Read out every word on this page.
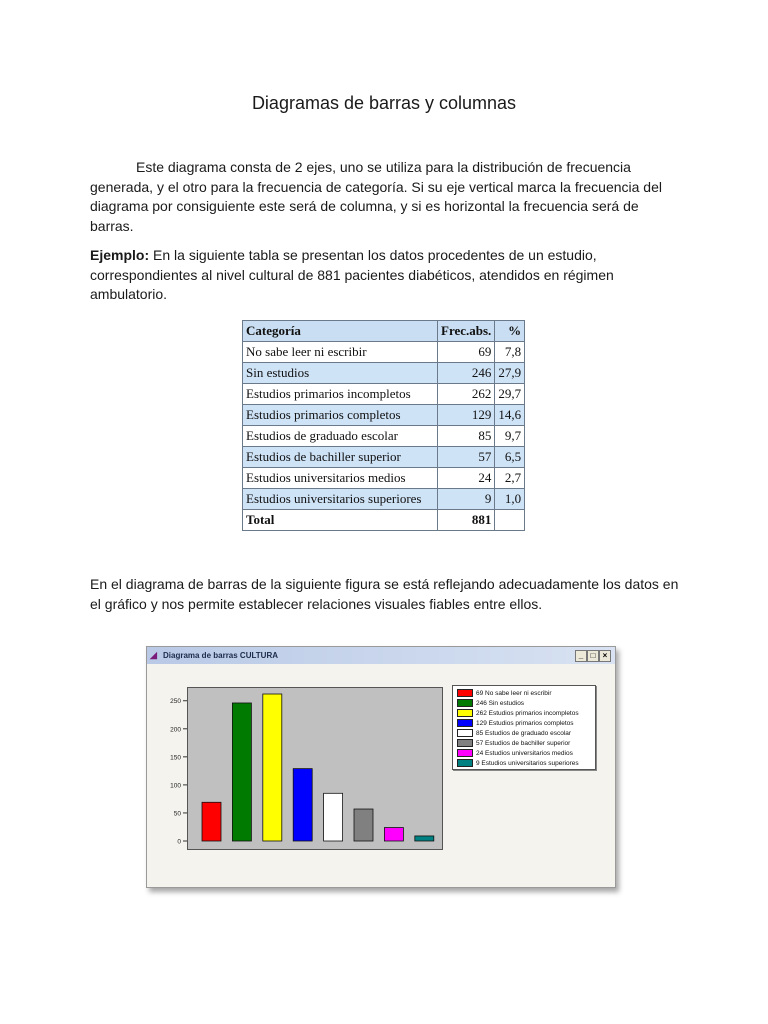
Diagramas de barras y columnas

Este diagrama consta de 2 ejes, uno se utiliza para la distribución de frecuencia generada, y el otro para la frecuencia de categoría. Si su eje vertical marca la frecuencia del diagrama por consiguiente este será de columna, y si es horizontal la frecuencia será de barras.

Ejemplo: En la siguiente tabla se presentan los datos procedentes de un estudio, correspondientes al nivel cultural de 881 pacientes diabéticos, atendidos en régimen ambulatorio.

Categoría	Frec.abs.	%
No sabe leer ni escribir	69	7,8
Sin estudios	246	27,9
Estudios primarios incompletos	262	29,7
Estudios primarios completos	129	14,6
Estudios de graduado escolar	85	9,7
Estudios de bachiller superior	57	6,5
Estudios universitarios medios	24	2,7
Estudios universitarios superiores	9	1,0
Total	881	

En el diagrama de barras de la siguiente figura se está reflejando adecuadamente los datos en el gráfico y nos permite establecer relaciones visuales fiables entre ellos.

◢ Diagrama de barras CULTURA	_ □ ×
0
50
100
150
200
250
69 No sabe leer ni escribir
246 Sin estudios
262 Estudios primarios incompletos
129 Estudios primarios completos
85 Estudios de graduado escolar
57 Estudios de bachiller superior
24 Estudios universitarios medios
9 Estudios universitarios superiores
